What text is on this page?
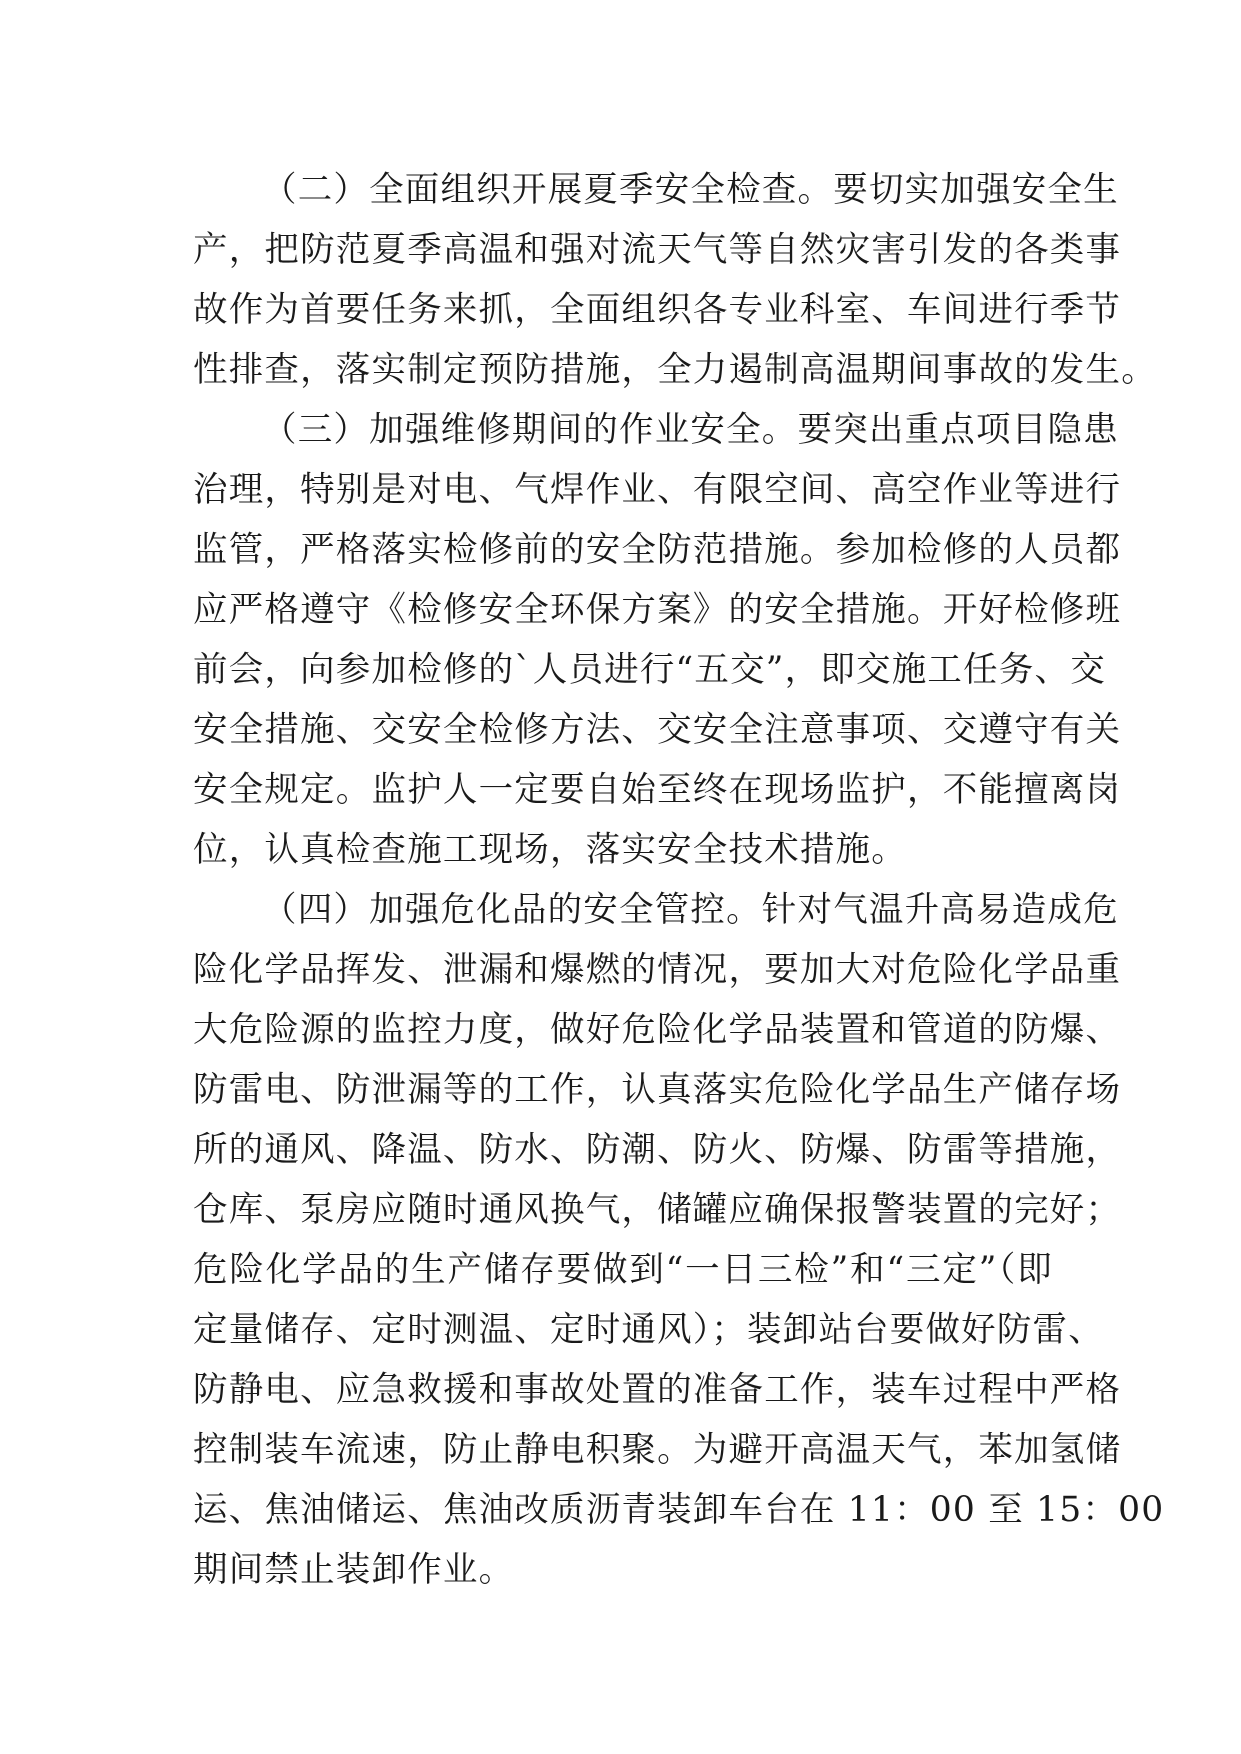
（二）全面组织开展夏季安全检查。要切实加强安全生
产，把防范夏季高温和强对流天气等自然灾害引发的各类事
故作为首要任务来抓，全面组织各专业科室、车间进行季节
性排查，落实制定预防措施，全力遏制高温期间事故的发生。
（三）加强维修期间的作业安全。要突出重点项目隐患
治理，特别是对电、气焊作业、有限空间、高空作业等进行
监管，严格落实检修前的安全防范措施。参加检修的人员都
应严格遵守《检修安全环保方案》的安全措施。开好检修班
前会，向参加检修的`人员进行“五交”，即交施工任务、交
安全措施、交安全检修方法、交安全注意事项、交遵守有关
安全规定。监护人一定要自始至终在现场监护，不能擅离岗
位，认真检查施工现场，落实安全技术措施。
（四）加强危化品的安全管控。针对气温升高易造成危
险化学品挥发、泄漏和爆燃的情况，要加大对危险化学品重
大危险源的监控力度，做好危险化学品装置和管道的防爆、
防雷电、防泄漏等的工作，认真落实危险化学品生产储存场
所的通风、降温、防水、防潮、防火、防爆、防雷等措施，
仓库、泵房应随时通风换气，储罐应确保报警装置的完好；
危险化学品的生产储存要做到“一日三检”和“三定”（即
定量储存、定时测温、定时通风）；装卸站台要做好防雷、
防静电、应急救援和事故处置的准备工作，装车过程中严格
控制装车流速，防止静电积聚。为避开高温天气，苯加氢储
运、焦油储运、焦油改质沥青装卸车台在 11：00 至 15：00
期间禁止装卸作业。
